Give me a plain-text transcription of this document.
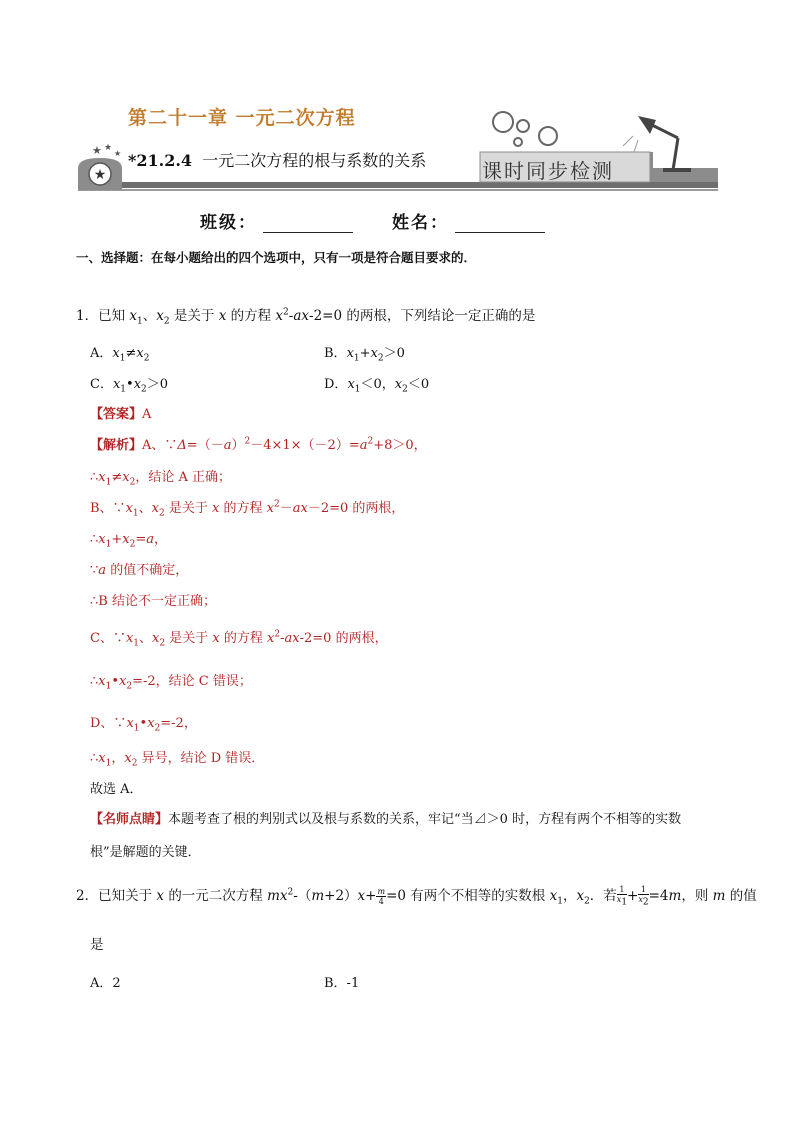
★
★ ★
★
第二十一章 一元二次方程
*21.2.4 一元二次方程的根与系数的关系	课时同步检测
班级：	姓名：
一、选择题：在每小题给出的四个选项中，只有一项是符合题目要求的．
1．已知 $x_1$、$x_2$ 是关于 x 的方程 $x^2-ax-2=0$ 的两根，下列结论一定正确的是
A．$x_1\ne x_2$	B．$x_1+x_2>0$
C．$x_1•x_2>0$	D．$x_1<0$，$x_2<0$
【答案】A
【解析】A、$\because\Delta=(-a)^2-4\times 1\times(-2)=a^2+8>0$，
$\therefore x_1\ne x_2$，结论 A 正确；
B、$\because x_1$、$x_2$ 是关于 x 的方程 $x^2-ax-2=0$ 的两根，
$\therefore x_1+x_2=a$，
∵a 的值不确定，
∴B 结论不一定正确；
C、$\because x_1$、$x_2$ 是关于 x 的方程 $x^2-ax-2=0$ 的两根，
$\therefore x_1•x_2=-2$，结论 C 错误；
D、$\because x_1•x_2=-2$，
$\therefore x_1$，$x_2$ 异号，结论 D 错误．
故选 A．
【名师点睛】本题考查了根的判别式以及根与系数的关系，牢记“当⊿＞0 时，方程有两个不相等的实数
根”是解题的关键．
2．已知关于 x 的一元二次方程 $mx^2-(m+2)x+ \frac{m}{4} =0$ 有两个不相等的实数根 $x_1$，$x_2$．若 $\frac{1}{x_1} + \frac{1}{x_2} =4m$，则 m 的值
是
A．2	B．-1
